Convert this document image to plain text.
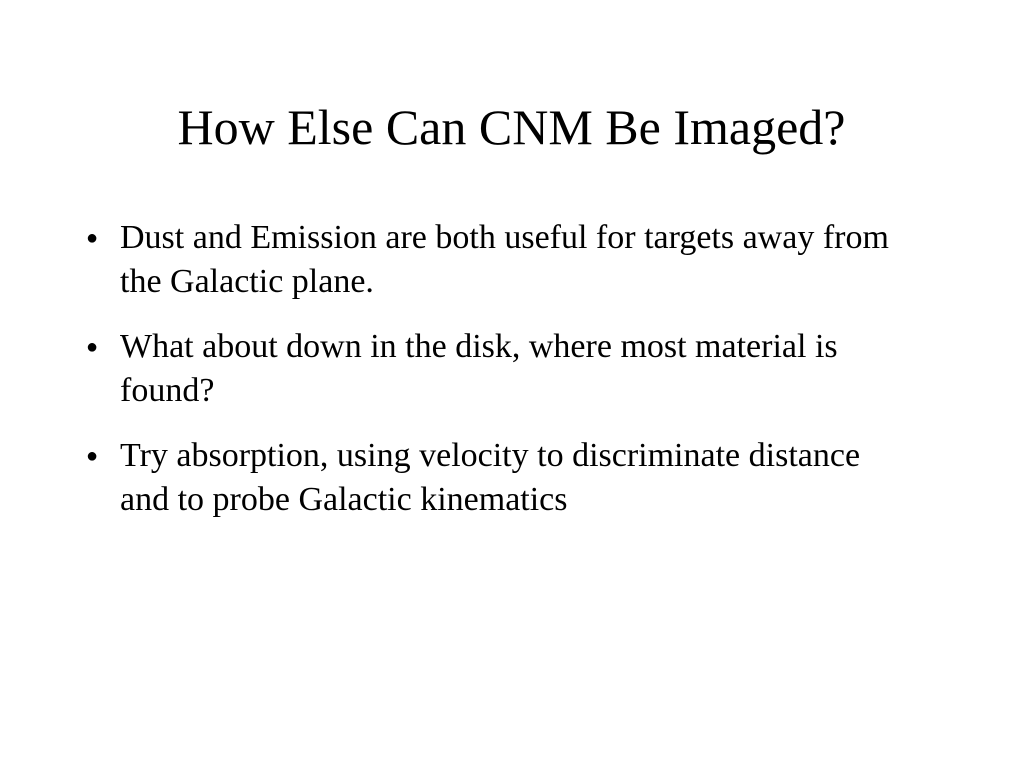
How Else Can CNM Be Imaged?
● Dust and Emission are both useful for targets away from the Galactic plane.
● What about down in the disk, where most material is found?
● Try absorption, using velocity to discriminate distance and to probe Galactic kinematics
